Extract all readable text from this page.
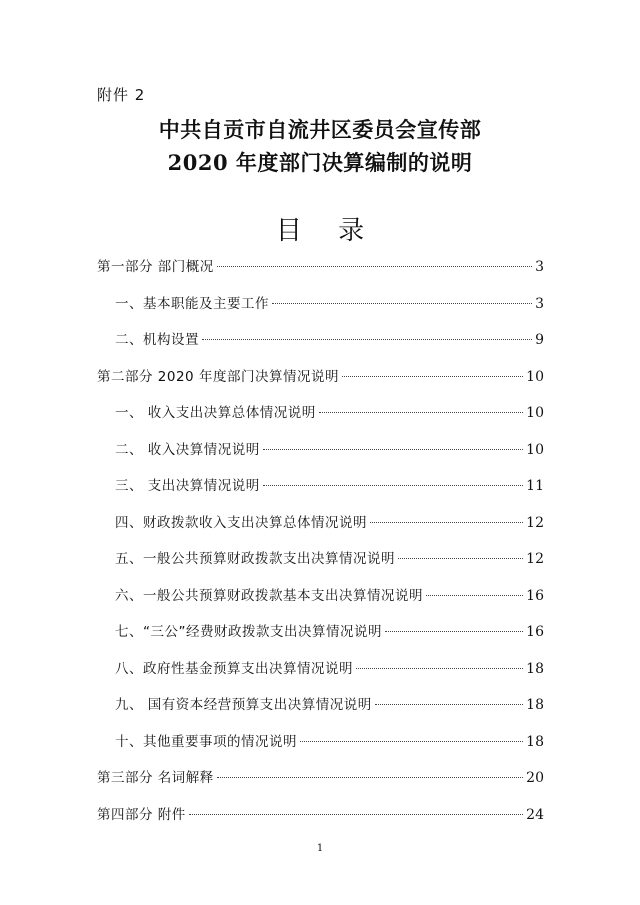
附件 2
中共自贡市自流井区委员会宣传部
2020 年度部门决算编制的说明
目 录
第一部分 部门概况	3
一、基本职能及主要工作	3
二、机构设置	9
第二部分 2020 年度部门决算情况说明	10
一、 收入支出决算总体情况说明	10
二、 收入决算情况说明	10
三、 支出决算情况说明	11
四、财政拨款收入支出决算总体情况说明	12
五、一般公共预算财政拨款支出决算情况说明	12
六、一般公共预算财政拨款基本支出决算情况说明	16
七、“三公”经费财政拨款支出决算情况说明	16
八、政府性基金预算支出决算情况说明	18
九、 国有资本经营预算支出决算情况说明	18
十、其他重要事项的情况说明	18
第三部分 名词解释	20
第四部分 附件	24
1
